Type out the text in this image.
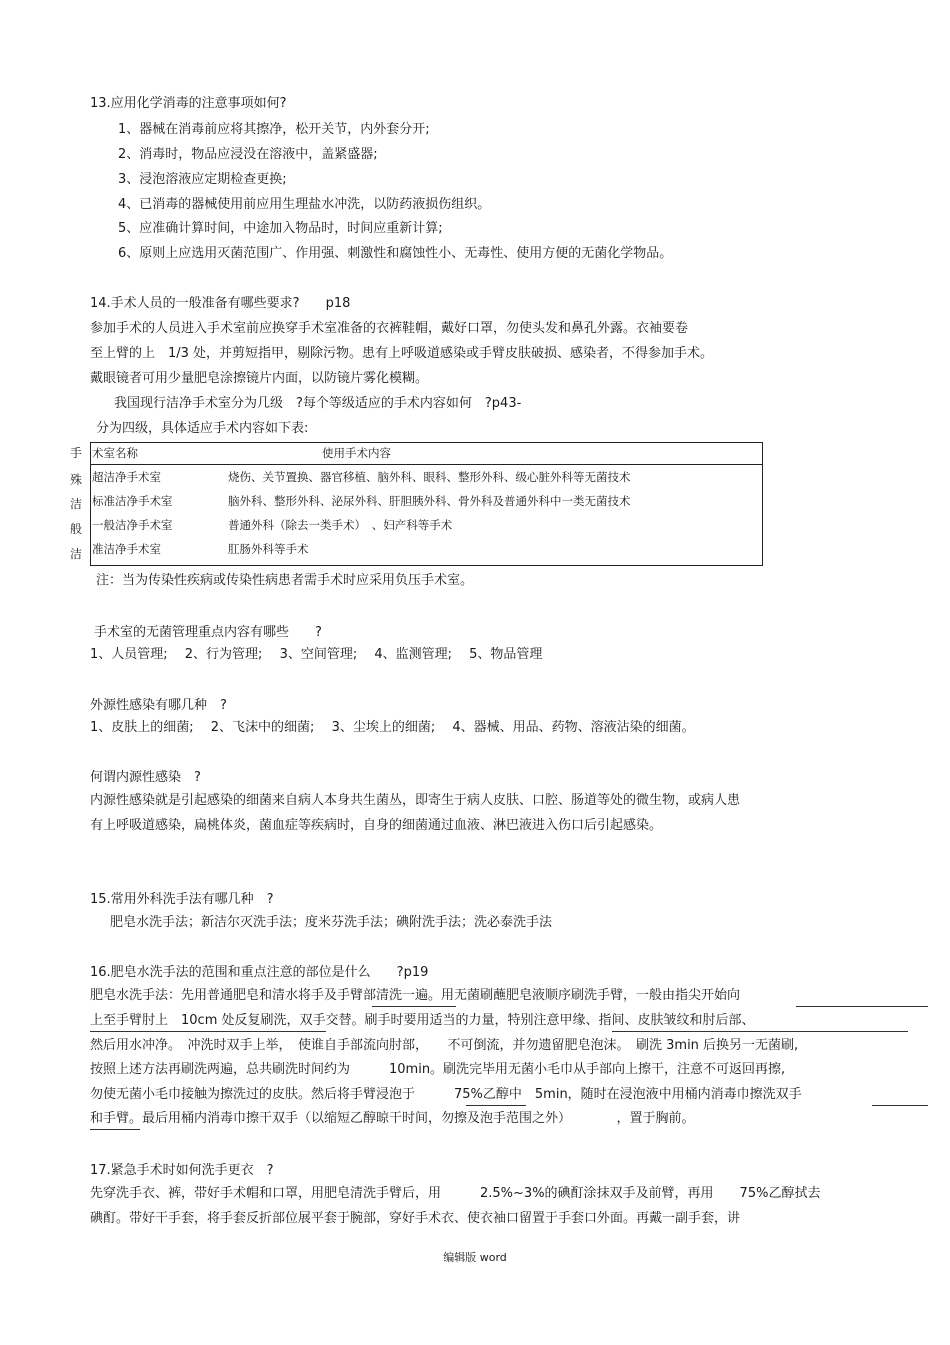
13.应用化学消毒的注意事项如何?
1、器械在消毒前应将其擦净，松开关节，内外套分开;
2、消毒时，物品应浸没在溶液中，盖紧盛器;
3、浸泡溶液应定期检查更换;
4、已消毒的器械使用前应用生理盐水冲洗，以防药液损伤组织。
5、应准确计算时间，中途加入物品时，时间应重新计算;
6、原则上应选用灭菌范围广、作用强、刺激性和腐蚀性小、无毒性、使用方便的无菌化学物品。
14.手术人员的一般准备有哪些要求?　　p18
参加手术的人员进入手术室前应换穿手术室准备的衣裤鞋帽，戴好口罩，勿使头发和鼻孔外露。衣袖要卷
至上臂的上　1/3 处，并剪短指甲，剔除污物。患有上呼吸道感染或手臂皮肤破损、感染者，不得参加手术。
戴眼镜者可用少量肥皂涂擦镜片内面，以防镜片雾化模糊。
我国现行洁净手术室分为几级　?每个等级适应的手术内容如何　?p43-
分为四级，具体适应手术内容如下表:
手
殊
洁
般
洁
术室名称	使用手术内容
超洁净手术室	烧伤、关节置换、器官移植、脑外科、眼科、整形外科、级心脏外科等无菌技术
标准洁净手术室	脑外科、整形外科、泌尿外科、肝胆胰外科、骨外科及普通外科中一类无菌技术
一般洁净手术室	普通外科（除去一类手术）　、妇产科等手术
准洁净手术室	肛肠外科等手术
注：当为传染性疾病或传染性病患者需手术时应采用负压手术室。
手术室的无菌管理重点内容有哪些　　?
1、人员管理;　 2、行为管理;　 3、空间管理;　 4、监测管理;　 5、物品管理
外源性感染有哪几种　?
1、皮肤上的细菌;　 2、飞沫中的细菌;　 3、尘埃上的细菌;　 4、器械、用品、药物、溶液沾染的细菌。
何谓内源性感染　?
内源性感染就是引起感染的细菌来自病人本身共生菌丛，即寄生于病人皮肤、口腔、肠道等处的微生物，或病人患
有上呼吸道感染，扁桃体炎，菌血症等疾病时，自身的细菌通过血液、淋巴液进入伤口后引起感染。
15.常用外科洗手法有哪几种　?
肥皂水洗手法；新洁尔灭洗手法；度米芬洗手法；碘附洗手法；洗必泰洗手法
16.肥皂水洗手法的范围和重点注意的部位是什么　　?p19
肥皂水洗手法：先用普通肥皂和清水将手及手臂部清洗一遍。用无菌刷蘸肥皂液顺序刷洗手臂，一般由指尖开始向
上至手臂肘上　10cm 处反复刷洗，双手交替。刷手时要用适当的力量，特别注意甲缘、指间、皮肤皱纹和肘后部、
然后用水冲净。　冲洗时双手上举，　使谁自手部流向肘部，　　不可倒流，并勿遗留肥皂泡沫。　刷洗 3min 后换另一无菌刷,
按照上述方法再刷洗两遍，总共刷洗时间约为　　　10min。刷洗完毕用无菌小毛巾从手部向上擦干，注意不可返回再擦,
勿使无菌小毛巾接触为擦洗过的皮肤。然后将手臂浸泡于　　　75%乙醇中　5min，随时在浸泡液中用桶内消毒巾擦洗双手
和手臂。最后用桶内消毒巾擦干双手（以缩短乙醇晾干时间，勿擦及泡手范围之外）　　　　，置于胸前。
17.紧急手术时如何洗手更衣　?
先穿洗手衣、裤，带好手术帽和口罩，用肥皂清洗手臂后，用　　　2.5%~3%的碘酊涂抹双手及前臂，再用　　75%乙醇拭去
碘酊。带好干手套，将手套反折部位展平套于腕部，穿好手术衣、使衣袖口留置于手套口外面。再戴一副手套，讲
编辑版 word
